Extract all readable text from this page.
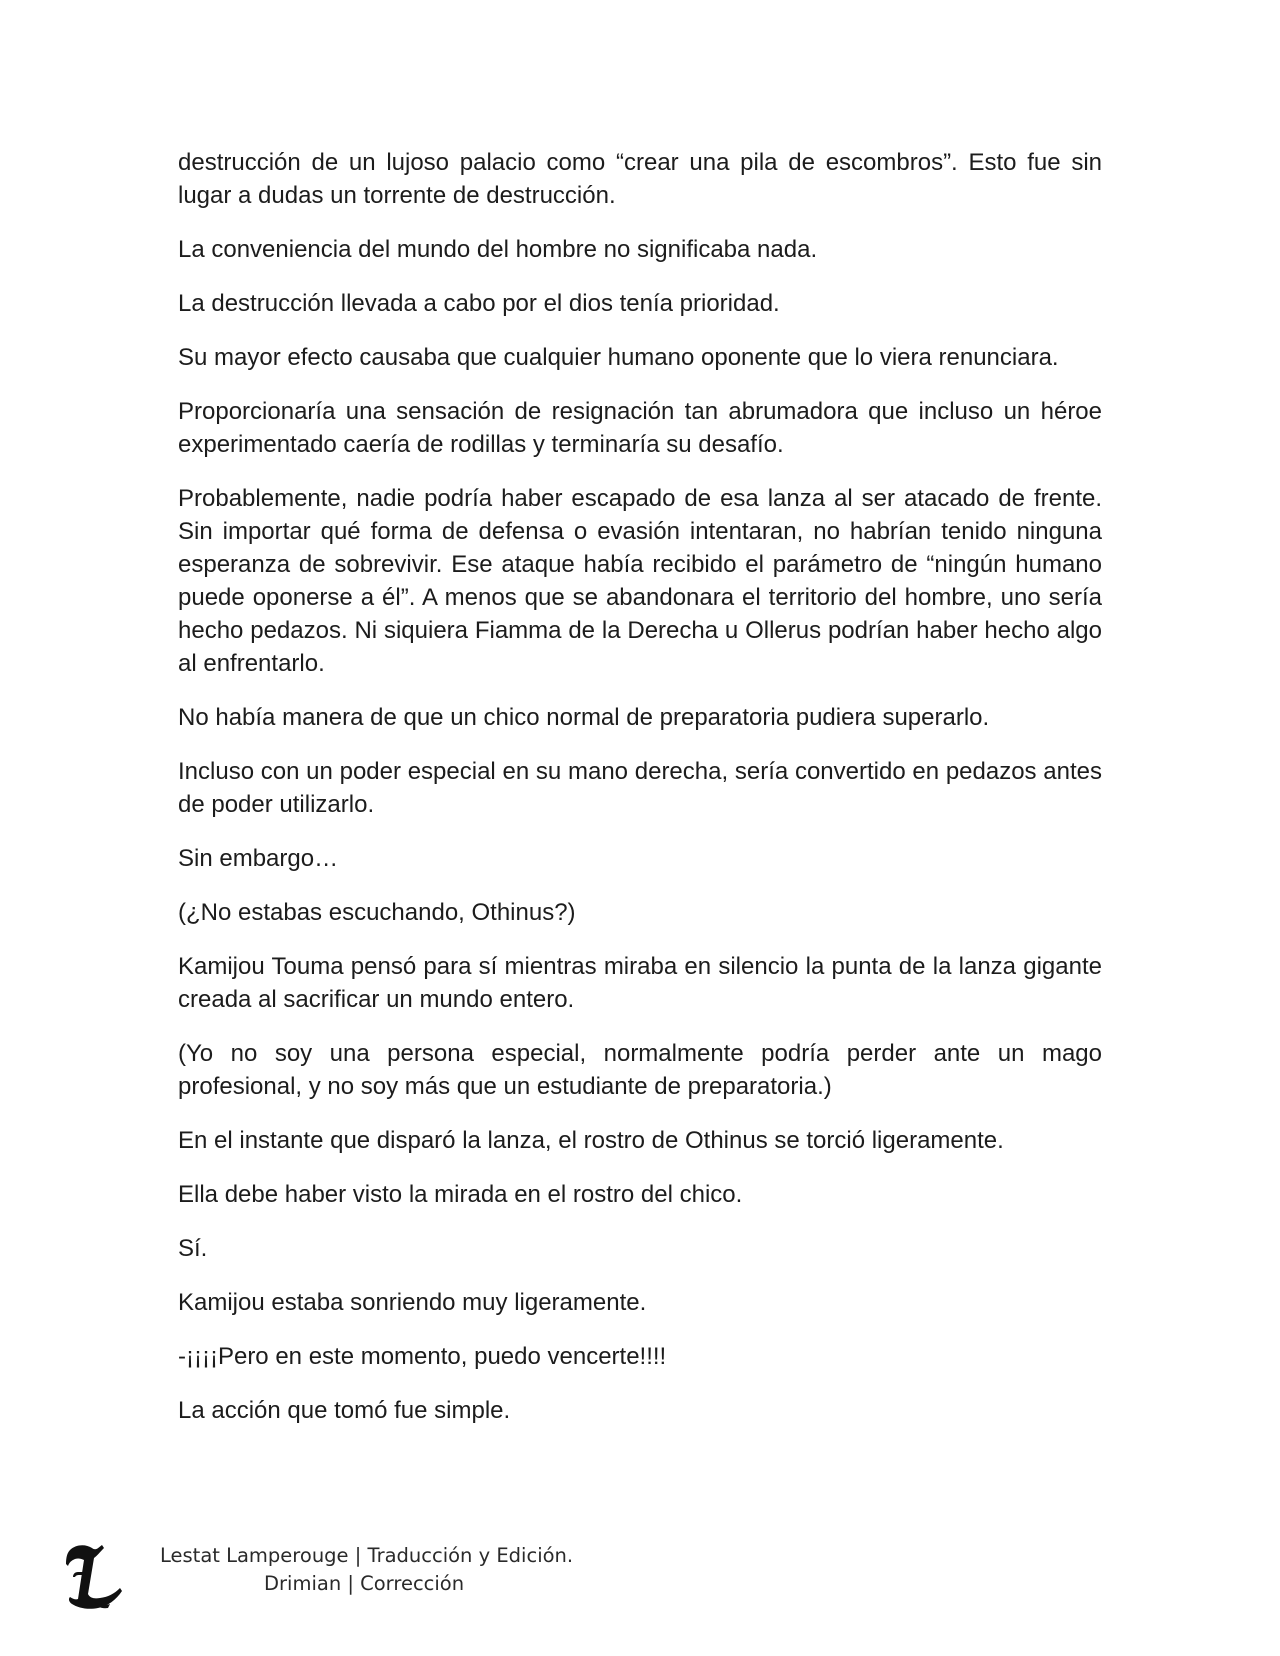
destrucción de un lujoso palacio como “crear una pila de escombros”. Esto fue sin lugar a dudas un torrente de destrucción.

La conveniencia del mundo del hombre no significaba nada.

La destrucción llevada a cabo por el dios tenía prioridad.

Su mayor efecto causaba que cualquier humano oponente que lo viera renunciara.

Proporcionaría una sensación de resignación tan abrumadora que incluso un héroe experimentado caería de rodillas y terminaría su desafío.

Probablemente, nadie podría haber escapado de esa lanza al ser atacado de frente. Sin importar qué forma de defensa o evasión intentaran, no habrían tenido ninguna esperanza de sobrevivir. Ese ataque había recibido el parámetro de “ningún humano puede oponerse a él”. A menos que se abandonara el territorio del hombre, uno sería hecho pedazos. Ni siquiera Fiamma de la Derecha u Ollerus podrían haber hecho algo al enfrentarlo.

No había manera de que un chico normal de preparatoria pudiera superarlo.

Incluso con un poder especial en su mano derecha, sería convertido en pedazos antes de poder utilizarlo.

Sin embargo…

(¿No estabas escuchando, Othinus?)

Kamijou Touma pensó para sí mientras miraba en silencio la punta de la lanza gigante creada al sacrificar un mundo entero.

(Yo no soy una persona especial, normalmente podría perder ante un mago profesional, y no soy más que un estudiante de preparatoria.)

En el instante que disparó la lanza, el rostro de Othinus se torció ligeramente.

Ella debe haber visto la mirada en el rostro del chico.

Sí.

Kamijou estaba sonriendo muy ligeramente.

-¡¡¡¡Pero en este momento, puedo vencerte!!!!

La acción que tomó fue simple.

Lestat Lamperouge | Traducción y Edición.
Drimian | Corrección
